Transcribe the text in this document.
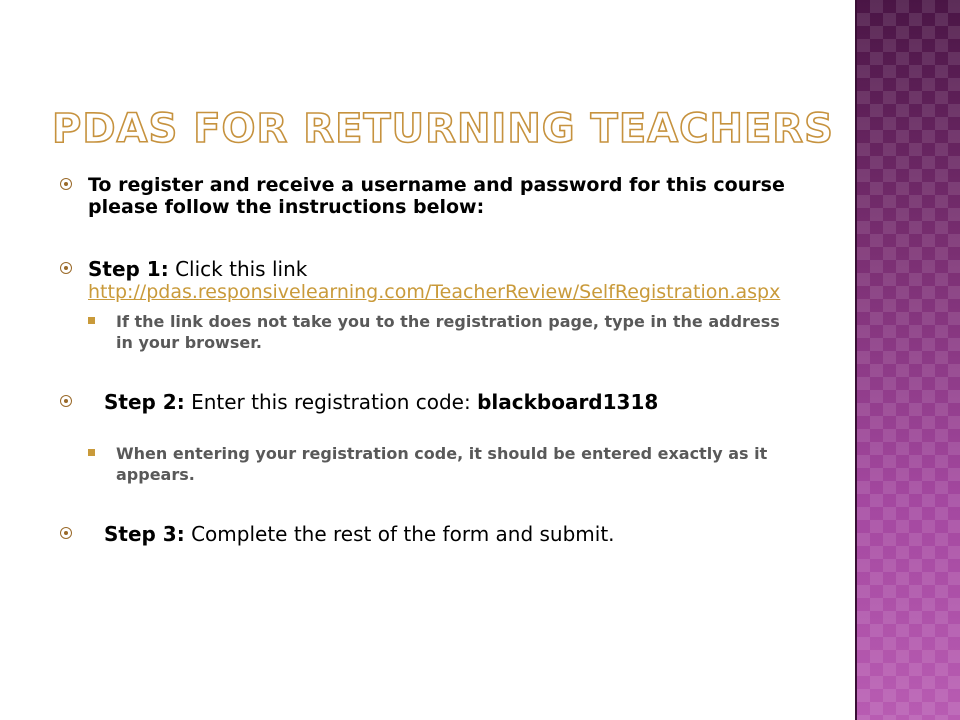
PDAS FOR RETURNING TEACHERS
To register and receive a username and password for this course please follow the instructions below:
Step 1: Click this link
http://pdas.responsivelearning.com/TeacherReview/SelfRegistration.aspx
If the link does not take you to the registration page, type in the address in your browser.
Step 2: Enter this registration code: blackboard1318
When entering your registration code, it should be entered exactly as it appears.
Step 3: Complete the rest of the form and submit.
